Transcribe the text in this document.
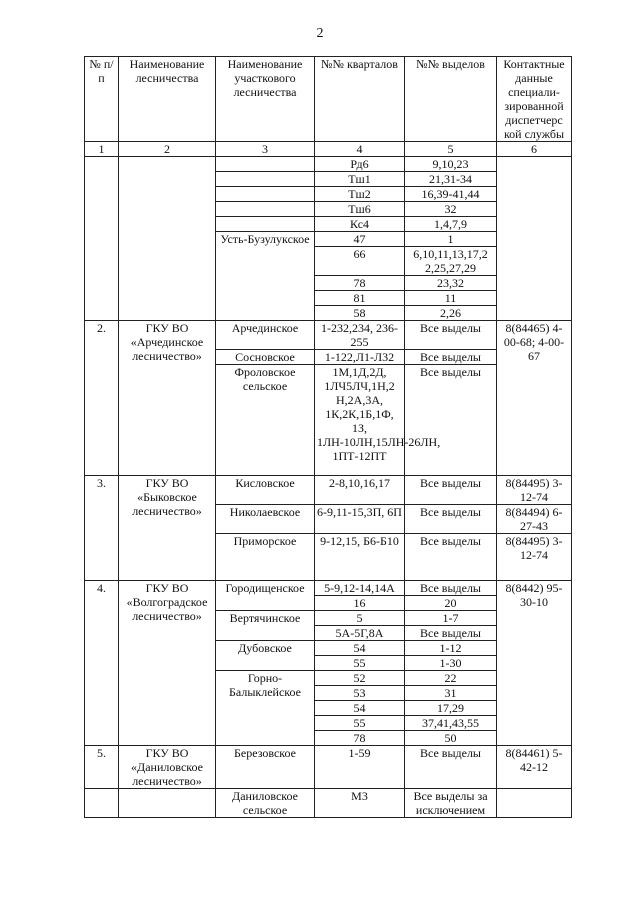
2
№ п/п	Наименование лесничества	Наименование участкового лесничества	№№ кварталов	№№ выделов	Контактные данные специали-зированной диспетчерс кой службы
1	2	3	4	5	6
			Рд6	9,10,23	
			Тш1	21,31-34	
			Тш2	16,39-41,44	
			Тш6	32	
			Кс4	1,4,7,9	
		Усть-Бузулукское	47	1	
			66	6,10,11,13,17,2 2,25,27,29	
			78	23,32	
			81	11	
			58	2,26	
2.	ГКУ ВО «Арчединское лесничество»	Арчединское	1-232,234, 236-255	Все выделы	8(84465) 4-00-68; 4-00-67
		Сосновское	1-122,Л1-Л32	Все выделы	
		Фроловское сельское	1М,1Д,2Д, 1ЛЧ5ЛЧ,1Н,2 Н,2А,3А, 1К,2К,1Б,1Ф, 1З, 1ЛН-10ЛН,15ЛН-26ЛН, 1ПТ-12ПТ	Все выделы	
3.	ГКУ ВО «Быковское лесничество»	Кисловское	2-8,10,16,17	Все выделы	8(84495) 3-12-74
		Николаевское	6-9,11-15,3П, 6П	Все выделы	8(84494) 6-27-43
		Приморское	9-12,15, Б6-Б10	Все выделы	8(84495) 3-12-74
4.	ГКУ ВО «Волгоградское лесничество»	Городищенское	5-9,12-14,14А	Все выделы	8(8442) 95-30-10
			16	20	
		Вертячинское	5	1-7	
			5А-5Г,8А	Все выделы	
		Дубовское	54	1-12	
			55	1-30	
		Горно-Балыклейское	52	22	
			53	31	
			54	17,29	
			55	37,41,43,55	
			78	50	
5.	ГКУ ВО «Даниловское лесничество»	Березовское	1-59	Все выделы	8(84461) 5-42-12
		Даниловское сельское	М3	Все выделы за исключением	
